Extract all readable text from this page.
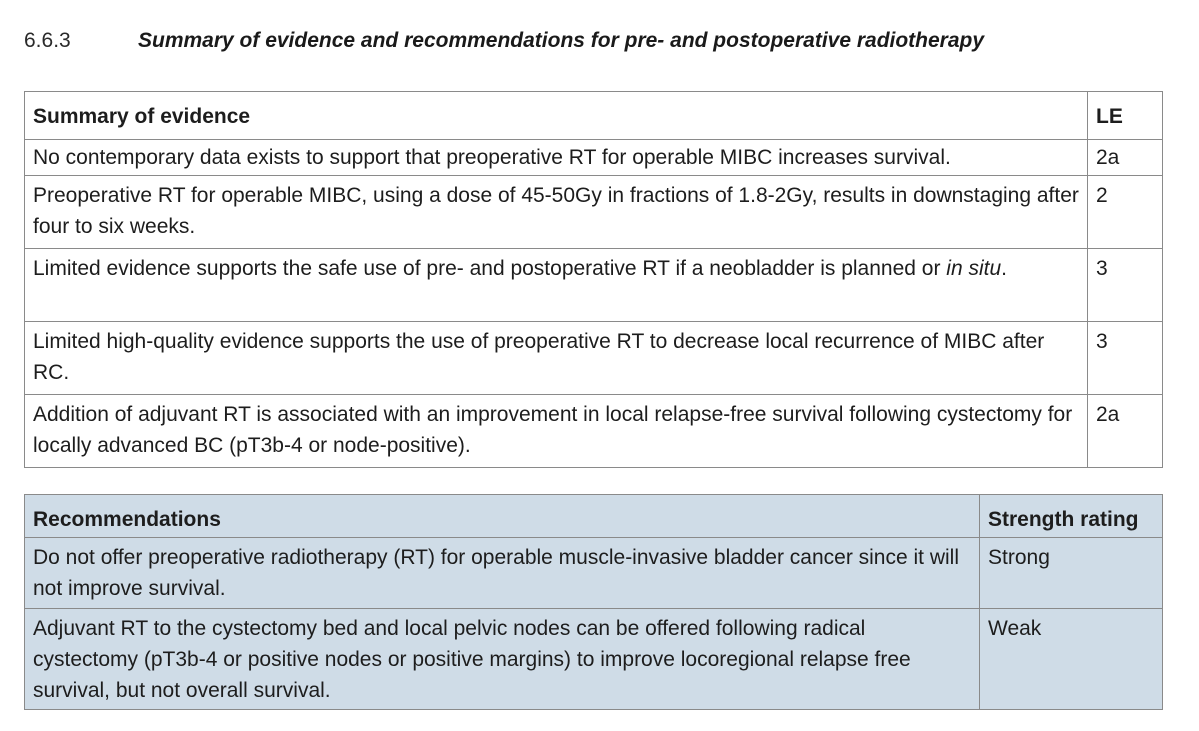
6.6.3	Summary of evidence and recommendations for pre- and postoperative radiotherapy
Summary of evidence	LE
No contemporary data exists to support that preoperative RT for operable MIBC increases survival.	2a
Preoperative RT for operable MIBC, using a dose of 45-50Gy in fractions of 1.8-2Gy, results in downstaging after four to six weeks.	2
Limited evidence supports the safe use of pre- and postoperative RT if a neobladder is planned or in situ.	3
Limited high-quality evidence supports the use of preoperative RT to decrease local recurrence of MIBC after RC.	3
Addition of adjuvant RT is associated with an improvement in local relapse-free survival following cystectomy for locally advanced BC (pT3b-4 or node-positive).	2a
Recommendations	Strength rating
Do not offer preoperative radiotherapy (RT) for operable muscle-invasive bladder cancer since it will not improve survival.	Strong
Adjuvant RT to the cystectomy bed and local pelvic nodes can be offered following radical cystectomy (pT3b-4 or positive nodes or positive margins) to improve locoregional relapse free survival, but not overall survival.	Weak
